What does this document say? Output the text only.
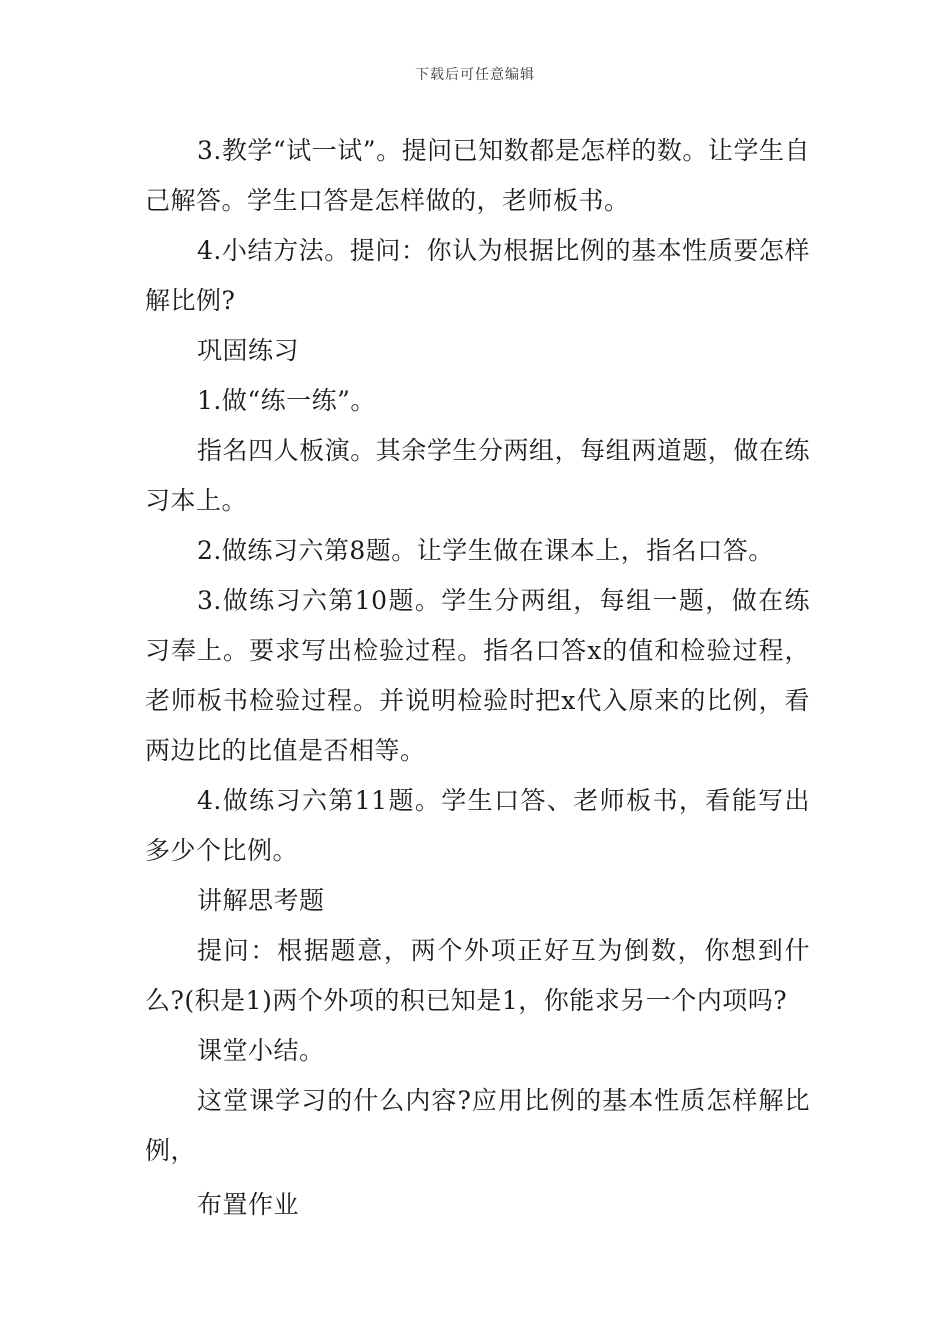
下载后可任意编辑

3.教学“试一试”。提问已知数都是怎样的数。让学生自己解答。学生口答是怎样做的，老师板书。

4.小结方法。提问：你认为根据比例的基本性质要怎样解比例?

巩固练习

1.做“练一练”。

指名四人板演。其余学生分两组，每组两道题，做在练习本上。

2.做练习六第8题。让学生做在课本上，指名口答。

3.做练习六第10题。学生分两组，每组一题，做在练习奉上。要求写出检验过程。指名口答x的值和检验过程，老师板书检验过程。并说明检验时把x代入原来的比例，看两边比的比值是否相等。

4.做练习六第11题。学生口答、老师板书，看能写出多少个比例。

讲解思考题

提问：根据题意，两个外项正好互为倒数，你想到什么?(积是1)两个外项的积已知是1，你能求另一个内项吗?

课堂小结。

这堂课学习的什么内容?应用比例的基本性质怎样解比例，

布置作业
